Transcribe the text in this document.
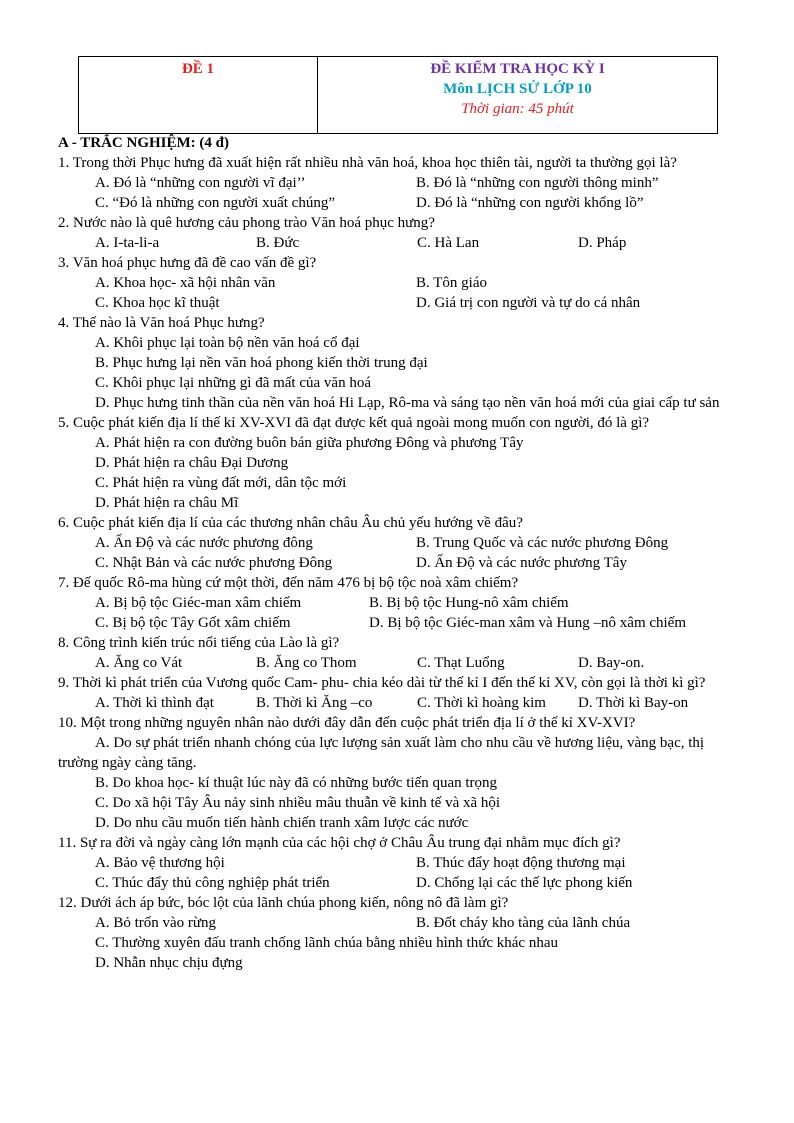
ĐỀ 1	ĐỀ KIỂM TRA HỌC KỲ I
Môn LỊCH SỬ LỚP 10
Thời gian: 45 phút
A - TRẮC NGHIỆM: (4 đ)
1. Trong thời Phục hưng đã xuất hiện rất nhiều nhà văn hoá, khoa học thiên tài, người ta thường gọi là?
A. Đó là “những con người vĩ đại’’	B. Đó là “những con người thông minh”
C. “Đó là những con người xuất chúng”	D. Đó là “những con người khổng lồ”
2. Nước nào là quê hương cảu phong trào Văn hoá phục hưng?
A. I-ta-li-a	B. Đức	C. Hà Lan	D. Pháp
3. Văn hoá phục hưng đã đề cao vấn đề gì?
A. Khoa học- xã hội nhân văn	B. Tôn giáo
C. Khoa học kĩ thuật	D. Giá trị con người và tự do cá nhân
4. Thế nào là Văn hoá Phục hưng?
A. Khôi phục lại toàn bộ nền văn hoá cổ đại
B. Phục hưng lại nền văn hoá phong kiến thời trung đại
C. Khôi phục lại những gì đã mất của văn hoá
D. Phục hưng tinh thần của nền văn hoá Hi Lạp, Rô-ma và sáng tạo nền văn hoá mới của giai cấp tư sản
5. Cuộc phát kiến địa lí thế kỉ XV-XVI đã đạt được kết quả ngoài mong muốn con người, đó là gì?
A. Phát hiện ra con đường buôn bán giữa phương Đông và phương Tây
D. Phát hiện ra châu Đại Dương
C. Phát hiện ra vùng đất mới, dân tộc mới
D. Phát hiện ra châu Mĩ
6. Cuộc phát kiến địa lí của các thương nhân châu Âu chủ yếu hướng về đâu?
A. Ấn Độ và các nước phương đông	B. Trung Quốc và các nước phương Đông
C. Nhật Bản và các nước phương Đông	D. Ấn Độ và các nước phương Tây
7. Đế quốc Rô-ma hùng cứ một thời, đến năm 476 bị bộ tộc noà xâm chiếm?
A. Bị bộ tộc Giéc-man xâm chiếm	B. Bị bộ tộc Hung-nô xâm chiếm
C. Bị bộ tộc Tây Gốt xâm chiếm	D. Bị bộ tộc Giéc-man xâm và Hung –nô xâm chiếm
8. Công trình kiến trúc nổi tiếng của Lào là gì?
A. Ăng co Vát	B. Ăng co Thom	C. Thạt Luổng	D. Bay-on.
9. Thời kì phát triển của Vương quốc Cam- phu- chia kéo dài từ thế kỉ I đến thế kỉ XV, còn gọi là thời kì gì?
A. Thời kì thình đạt	B. Thời kì Ăng –co	C. Thời kì hoàng kim	D. Thời kì Bay-on
10. Một trong những nguyên nhân nào dưới đây dẫn đến cuộc phát triển địa lí ở thế kỉ XV-XVI?
A. Do sự phát triển nhanh chóng của lực lượng sản xuất làm cho nhu cầu về hương liệu, vàng bạc, thị trường ngày càng tăng.
B. Do khoa học- kí thuật lúc này đã có những bước tiến quan trọng
C. Do xã hội Tây Âu nảy sinh nhiều mâu thuẫn về kinh tế và xã hội
D. Do nhu cầu muốn tiến hành chiến tranh xâm lược các nước
11. Sự ra đời và ngày càng lớn mạnh của các hội chợ ở Châu Âu trung đại nhằm mục đích gì?
A. Bảo vệ thương hội	B. Thúc đẩy hoạt động thương mại
C. Thúc đẩy thủ công nghiệp phát triển	D. Chống lại các thế lực phong kiến
12. Dưới ách áp bức, bóc lột của lãnh chúa phong kiến, nông nô đã làm gì?
A. Bỏ trốn vào rừng	B. Đốt cháy kho tàng của lãnh chúa
C. Thường xuyên đấu tranh chống lãnh chúa bằng nhiều hình thức khác nhau
D. Nhẫn nhục chịu đựng
